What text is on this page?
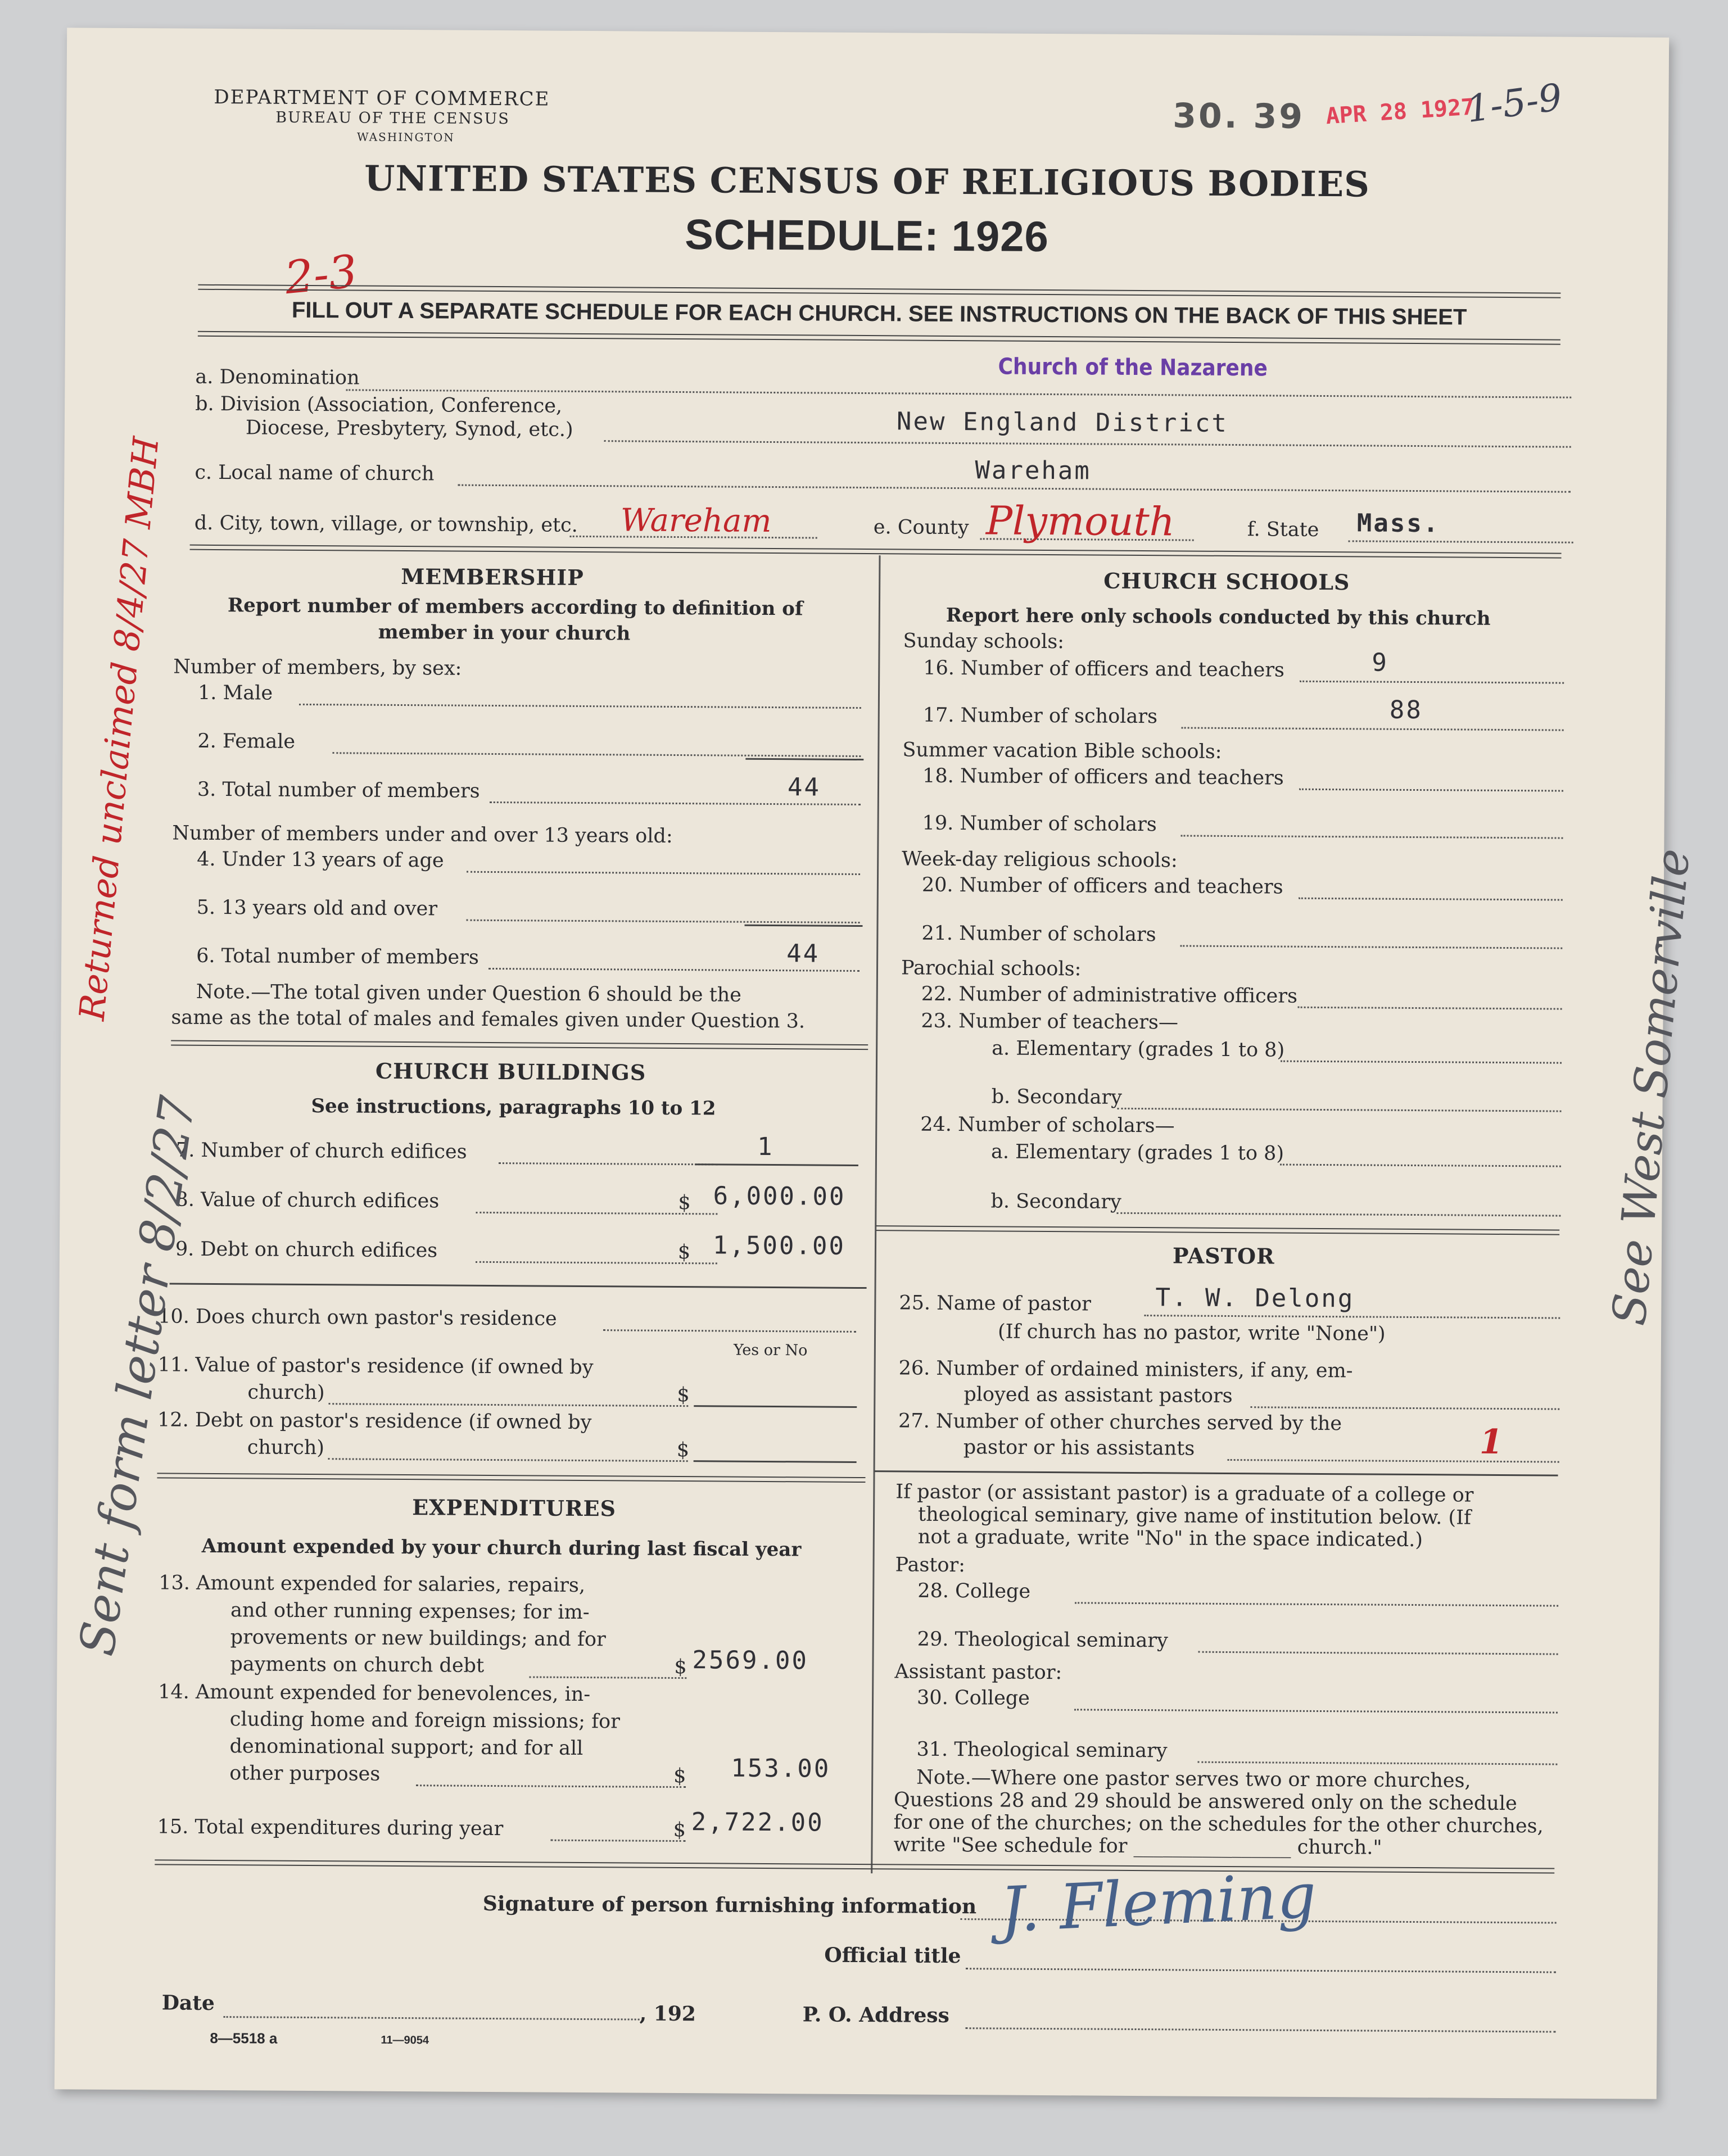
DEPARTMENT OF COMMERCE
BUREAU OF THE CENSUS
WASHINGTON
30. 39 APR 28 1927
1-5-9
UNITED STATES CENSUS OF RELIGIOUS BODIES
SCHEDULE: 1926
2-3
FILL OUT A SEPARATE SCHEDULE FOR EACH CHURCH. SEE INSTRUCTIONS ON THE BACK OF THIS SHEET
a. Denomination	Church of the Nazarene
b. Division (Association, Conference,
Diocese, Presbytery, Synod, etc.)	New England District
c. Local name of church	Wareham
d. City, town, village, or township, etc. Wareham	e. County Plymouth	f. State Mass.
MEMBERSHIP
Report number of members according to definition of
member in your church
Number of members, by sex:
1. Male
2. Female
3. Total number of members	44
Number of members under and over 13 years old:
4. Under 13 years of age
5. 13 years old and over
6. Total number of members	44
Note.—The total given under Question 6 should be the
same as the total of males and females given under Question 3.
CHURCH BUILDINGS
See instructions, paragraphs 10 to 12
7. Number of church edifices	1
8. Value of church edifices	$ 6,000.00
9. Debt on church edifices	$ 1,500.00
10. Does church own pastor's residence
Yes or No
11. Value of pastor's residence (if owned by
church)	$
12. Debt on pastor's residence (if owned by
church)	$
EXPENDITURES
Amount expended by your church during last fiscal year
13. Amount expended for salaries, repairs,
and other running expenses; for im-
provements or new buildings; and for
payments on church debt	$ 2569.00
14. Amount expended for benevolences, in-
cluding home and foreign missions; for
denominational support; and for all
other purposes	$ 153.00
15. Total expenditures during year	$ 2,722.00
CHURCH SCHOOLS
Report here only schools conducted by this church
Sunday schools:
16. Number of officers and teachers	9
17. Number of scholars	88
Summer vacation Bible schools:
18. Number of officers and teachers
19. Number of scholars
Week-day religious schools:
20. Number of officers and teachers
21. Number of scholars
Parochial schools:
22. Number of administrative officers
23. Number of teachers—
a. Elementary (grades 1 to 8)
b. Secondary
24. Number of scholars—
a. Elementary (grades 1 to 8)
b. Secondary
PASTOR
25. Name of pastor	T. W. Delong
(If church has no pastor, write "None")
26. Number of ordained ministers, if any, em-
ployed as assistant pastors
27. Number of other churches served by the
pastor or his assistants	1
If pastor (or assistant pastor) is a graduate of a college or
theological seminary, give name of institution below. (If
not a graduate, write "No" in the space indicated.)
Pastor:
28. College
29. Theological seminary
Assistant pastor:
30. College
31. Theological seminary
Note.—Where one pastor serves two or more churches,
Questions 28 and 29 should be answered only on the schedule
for one of the churches; on the schedules for the other churches,
write "See schedule for ________________ church."
Signature of person furnishing information J. Fleming
Official title
Date	, 192	P. O. Address
8—5518 a	11—9054
Returned unclaimed 8/4/27 MBH
Sent form letter 8/2/27
See West Somerville
